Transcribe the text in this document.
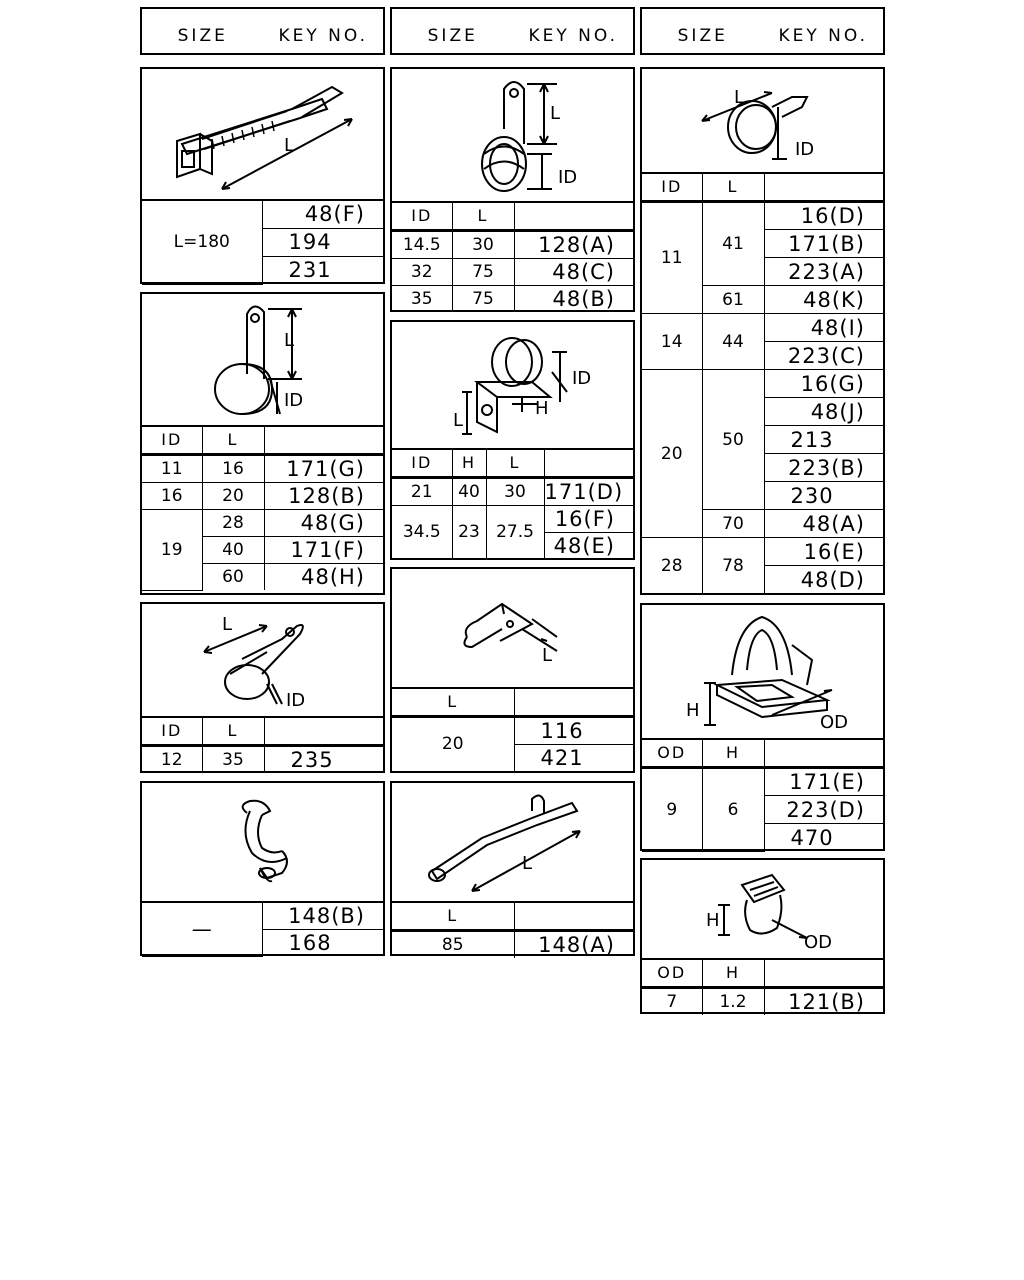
SIZE	KEY NO.	SIZE	KEY NO.	SIZE	KEY NO.
L
L=180	48(F)
194
231
L
ID
ID	L	
11	16	171(G)
16	20	128(B)
19	28	48(G)
	40	171(F)
	60	48(H)
L
ID
ID	L	
12	35	235
—	148(B)
168
L
ID
ID	L	
14.5	30	128(A)
32	75	48(C)
35	75	48(B)
ID
H
L
ID	H	L	
21	40	30	171(D)
34.5	23	27.5	16(F)
			48(E)
L
L	
20	116
	421
L
L	
85	148(A)
L
ID
ID	L	
11	41	16(D)
		171(B)
		223(A)
	61	48(K)
14	44	48(I)
		223(C)
20	50	16(G)
		48(J)
		213
		223(B)
		230
	70	48(A)
28	78	16(E)
		48(D)
H
OD
OD	H	
9	6	171(E)
		223(D)
		470
H
OD
OD	H	
7	1.2	121(B)
